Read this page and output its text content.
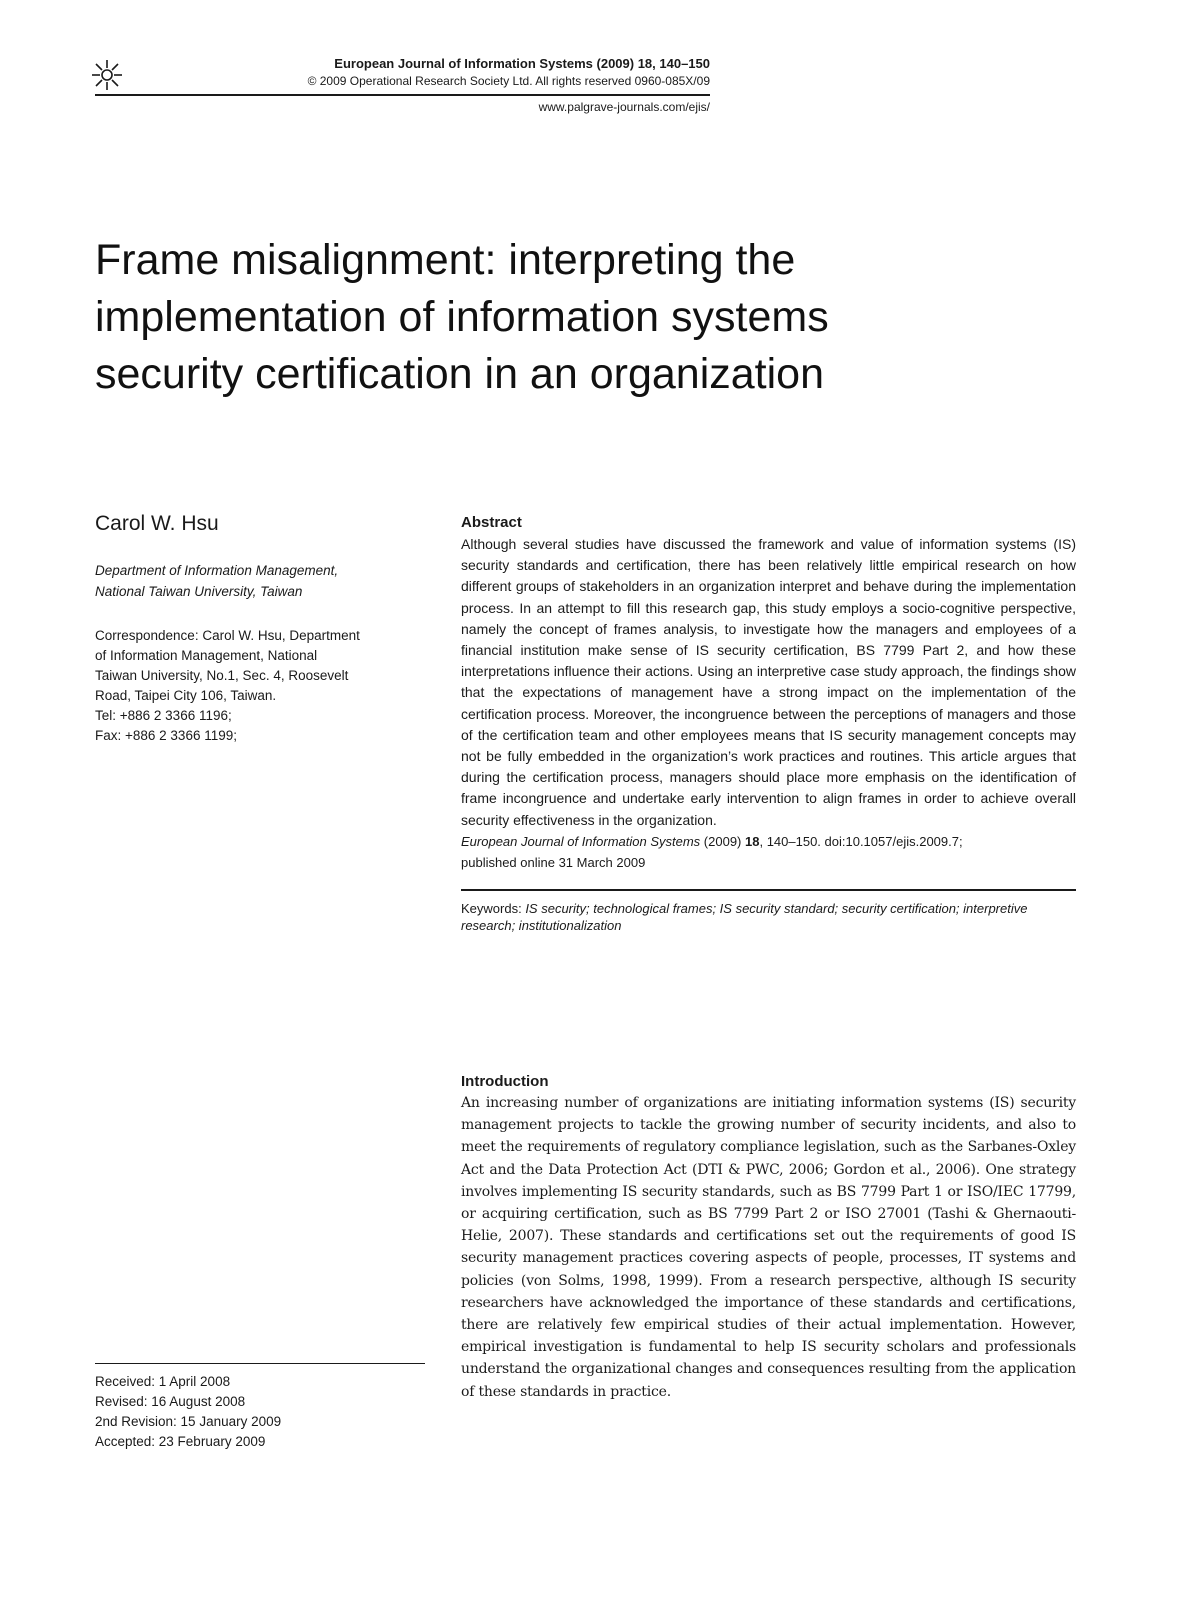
European Journal of Information Systems (2009) 18, 140–150
© 2009 Operational Research Society Ltd. All rights reserved 0960-085X/09
www.palgrave-journals.com/ejis/
Frame misalignment: interpreting the
implementation of information systems
security certification in an organization
Carol W. Hsu
Department of Information Management,
National Taiwan University, Taiwan
Correspondence: Carol W. Hsu, Department
of Information Management, National
Taiwan University, No.1, Sec. 4, Roosevelt
Road, Taipei City 106, Taiwan.
Tel: +886 2 3366 1196;
Fax: +886 2 3366 1199;
Received: 1 April 2008
Revised: 16 August 2008
2nd Revision: 15 January 2009
Accepted: 23 February 2009
Abstract

Although several studies have discussed the framework and value of information systems (IS) security standards and certification, there has been relatively little empirical research on how different groups of stakeholders in an organization interpret and behave during the implementation process. In an attempt to fill this research gap, this study employs a socio-cognitive perspective, namely the concept of frames analysis, to investigate how the managers and employees of a financial institution make sense of IS security certification, BS 7799 Part 2, and how these interpretations influence their actions. Using an interpretive case study approach, the findings show that the expectations of management have a strong impact on the implementation of the certification process. Moreover, the incongruence between the perceptions of managers and those of the certification team and other employees means that IS security management concepts may not be fully embedded in the organization’s work practices and routines. This article argues that during the certification process, managers should place more emphasis on the identification of frame incongruence and undertake early intervention to align frames in order to achieve overall security effectiveness in the organization.

European Journal of Information Systems (2009) 18, 140–150. doi:10.1057/ejis.2009.7;
published online 31 March 2009
Keywords: IS security; technological frames; IS security standard; security certification; interpretive research; institutionalization
Introduction

An increasing number of organizations are initiating information systems (IS) security management projects to tackle the growing number of security incidents, and also to meet the requirements of regulatory compliance legislation, such as the Sarbanes-Oxley Act and the Data Protection Act (DTI & PWC, 2006; Gordon et al., 2006). One strategy involves implementing IS security standards, such as BS 7799 Part 1 or ISO/IEC 17799, or acquiring certification, such as BS 7799 Part 2 or ISO 27001 (Tashi & Ghernaouti-Helie, 2007). These standards and certifications set out the requirements of good IS security management practices covering aspects of people, processes, IT systems and policies (von Solms, 1998, 1999). From a research perspective, although IS security researchers have acknowledged the importance of these standards and certifications, there are relatively few empirical studies of their actual implementation. However, empirical investigation is fundamental to help IS security scholars and professionals understand the organizational changes and consequences resulting from the application of these standards in practice.
